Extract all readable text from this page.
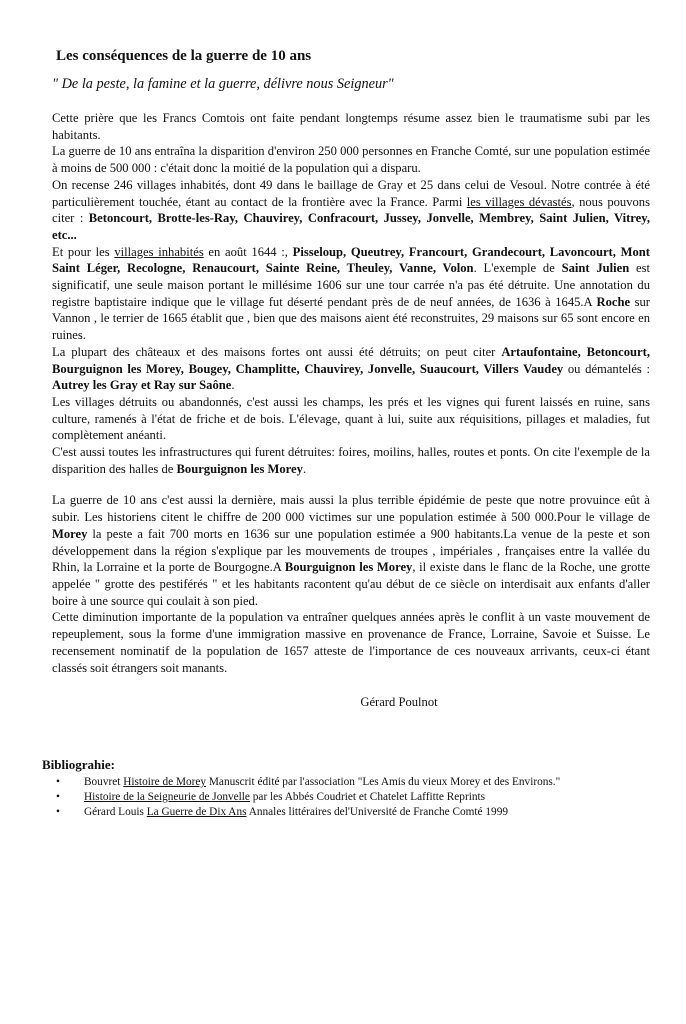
Les conséquences de la guerre de 10 ans
" De la peste, la famine et la guerre, délivre nous Seigneur"

Cette prière que les Francs Comtois ont faite pendant longtemps résume assez bien le traumatisme subi par les habitants.

La guerre de 10 ans entraîna la disparition d'environ 250 000 personnes en Franche Comté, sur une population estimée à moins de 500 000 : c'était donc la moitié de la population qui a disparu.

On recense 246 villages inhabités, dont 49 dans le baillage de Gray et 25 dans celui de Vesoul. Notre contrée à été particulièrement touchée, étant au contact de la frontière avec la France. Parmi les villages dévastés, nous pouvons citer : Betoncourt, Brotte-les-Ray, Chauvirey, Confracourt, Jussey, Jonvelle, Membrey, Saint Julien, Vitrey, etc...

Et pour les villages inhabités en août 1644 :, Pisseloup, Queutrey, Francourt, Grandecourt, Lavoncourt, Mont Saint Léger, Recologne, Renaucourt, Sainte Reine, Theuley, Vanne, Volon. L'exemple de Saint Julien est significatif, une seule maison portant le millésime 1606 sur une tour carrée n'a pas été détruite. Une annotation du registre baptistaire indique que le village fut déserté pendant près de de neuf années, de 1636 à 1645.A Roche sur Vannon , le terrier de 1665 établit que , bien que des maisons aient été reconstruites, 29 maisons sur 65 sont encore en ruines.

La plupart des châteaux et des maisons fortes ont aussi été détruits; on peut citer Artaufontaine, Betoncourt, Bourguignon les Morey, Bougey, Champlitte, Chauvirey, Jonvelle, Suaucourt, Villers Vaudey ou démantelés : Autrey les Gray et Ray sur Saône.

Les villages détruits ou abandonnés, c'est aussi les champs, les prés et les vignes qui furent laissés en ruine, sans culture, ramenés à l'état de friche et de bois. L'élevage, quant à lui, suite aux réquisitions, pillages et maladies, fut complètement anéanti.

C'est aussi toutes les infrastructures qui furent détruites: foires, moilins, halles, routes et ponts. On cite l'exemple de la disparition des halles de Bourguignon les Morey.

La guerre de 10 ans c'est aussi la dernière, mais aussi la plus terrible épidémie de peste que notre provuince eût à subir. Les historiens citent le chiffre de 200 000 victimes sur une population estimée à 500 000.Pour le village de Morey la peste a fait 700 morts en 1636 sur une population estimée a 900 habitants.La venue de la peste et son développement dans la région s'explique par les mouvements de troupes , impériales , françaises entre la vallée du Rhin, la Lorraine et la porte de Bourgogne.A Bourguignon les Morey, il existe dans le flanc de la Roche, une grotte appelée " grotte des pestiférés " et les habitants racontent qu'au début de ce siècle on interdisait aux enfants d'aller boire à une source qui coulait à son pied.

Cette diminution importante de la population va entraîner quelques années après le conflit à un vaste mouvement de repeuplement, sous la forme d'une immigration massive en provenance de France, Lorraine, Savoie et Suisse. Le recensement nominatif de la population de 1657 atteste de l'importance de ces nouveaux arrivants, ceux-ci étant classés soit étrangers soit manants.

Gérard Poulnot
Bibliograhie:
• Bouvret Histoire de Morey Manuscrit édité par l'association "Les Amis du vieux Morey et des Environs."
• Histoire de la Seigneurie de Jonvelle par les Abbés Coudriet et Chatelet Laffitte Reprints
• Gérard Louis La Guerre de Dix Ans Annales littéraires del'Université de Franche Comté 1999
